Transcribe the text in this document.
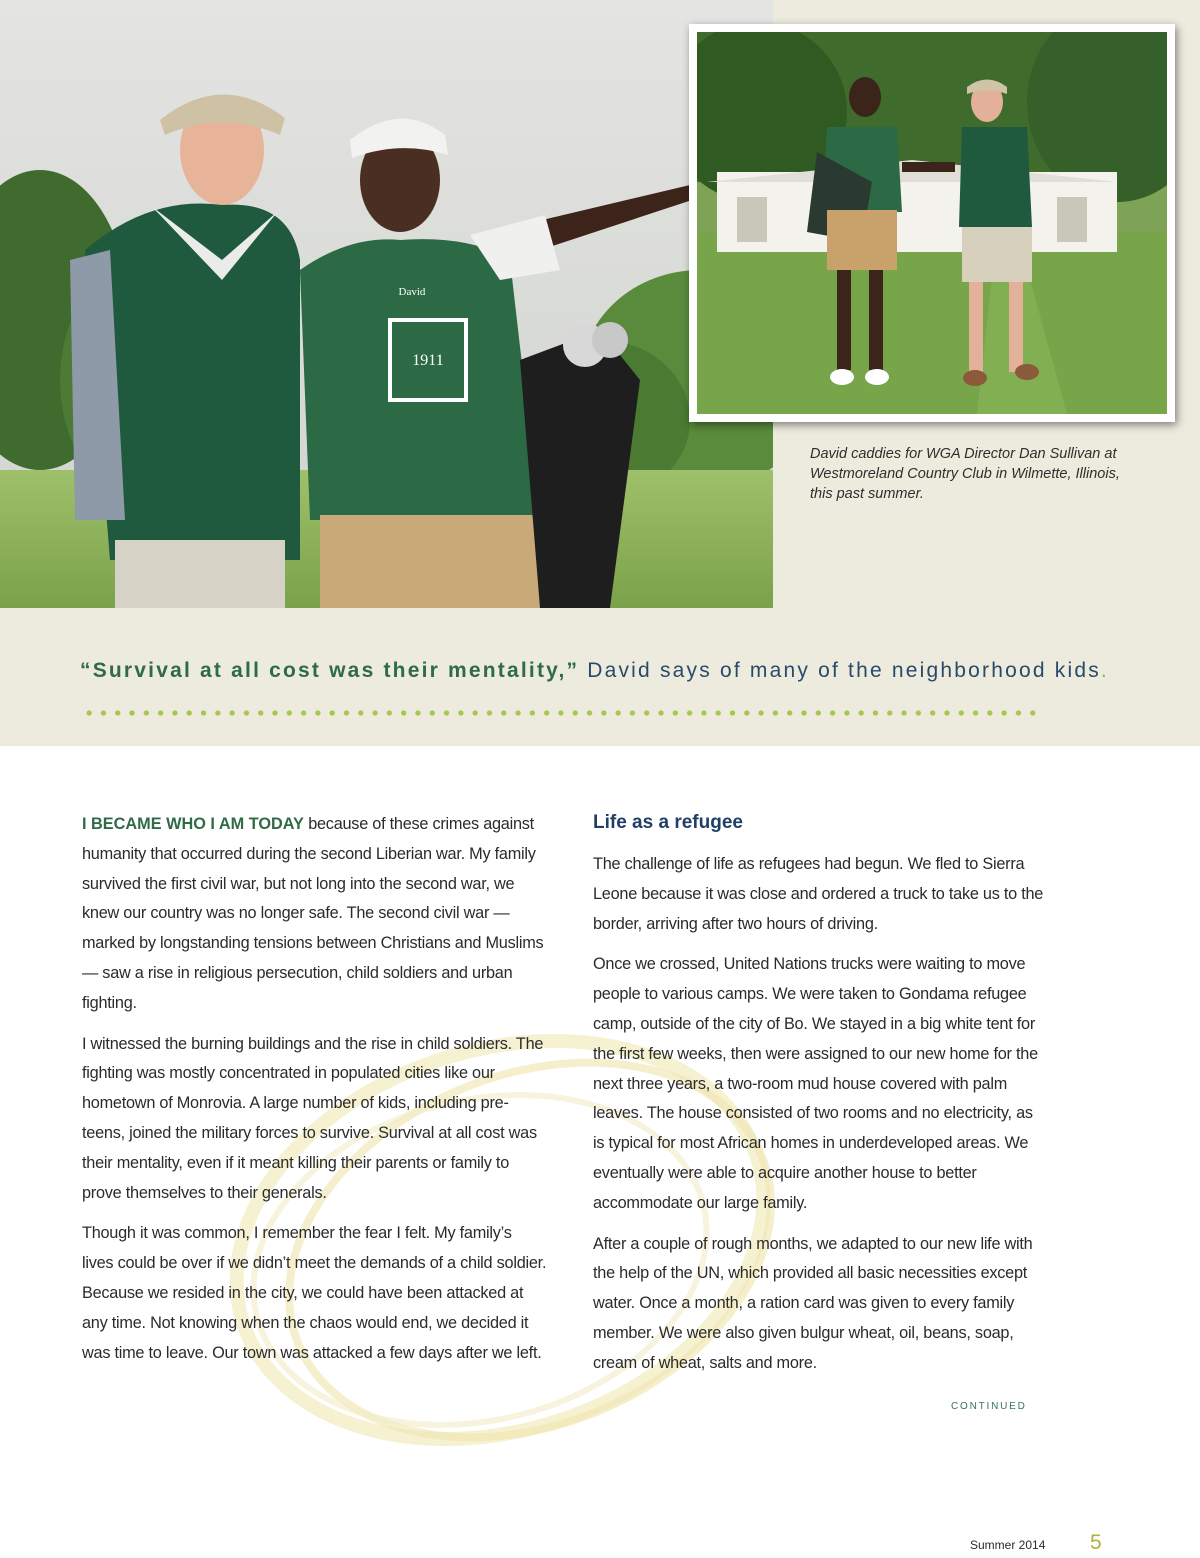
1911
David
David caddies for WGA Director Dan Sullivan at Westmoreland Country Club in Wilmette, Illinois, this past summer.
“Survival at all cost was their mentality,” David says of many of the neighborhood kids.

I BECAME WHO I AM TODAY because of these crimes against humanity that occurred during the second Liberian war. My family survived the first civil war, but not long into the second war, we knew our country was no longer safe. The second civil war — marked by longstanding tensions between Christians and Muslims — saw a rise in religious persecution, child soldiers and urban fighting.

I witnessed the burning buildings and the rise in child soldiers. The fighting was mostly concentrated in populated cities like our hometown of Monrovia. A large number of kids, including pre-teens, joined the military forces to survive. Survival at all cost was their mentality, even if it meant killing their parents or family to prove themselves to their generals.

Though it was common, I remember the fear I felt. My family’s lives could be over if we didn’t meet the demands of a child soldier. Because we resided in the city, we could have been attacked at any time. Not knowing when the chaos would end, we decided it was time to leave. Our town was attacked a few days after we left.

Life as a refugee

The challenge of life as refugees had begun. We fled to Sierra Leone because it was close and ordered a truck to take us to the border, arriving after two hours of driving.

Once we crossed, United Nations trucks were waiting to move people to various camps. We were taken to Gondama refugee camp, outside of the city of Bo. We stayed in a big white tent for the first few weeks, then were assigned to our new home for the next three years, a two-room mud house covered with palm leaves. The house consisted of two rooms and no electricity, as is typical for most African homes in underdeveloped areas. We eventually were able to acquire another house to better accommodate our large family.

After a couple of rough months, we adapted to our new life with the help of the UN, which provided all basic necessities except water. Once a month, a ration card was given to every family member. We were also given bulgur wheat, oil, beans, soap, cream of wheat, salts and more.

CONTINUED
Summer 2014 5
